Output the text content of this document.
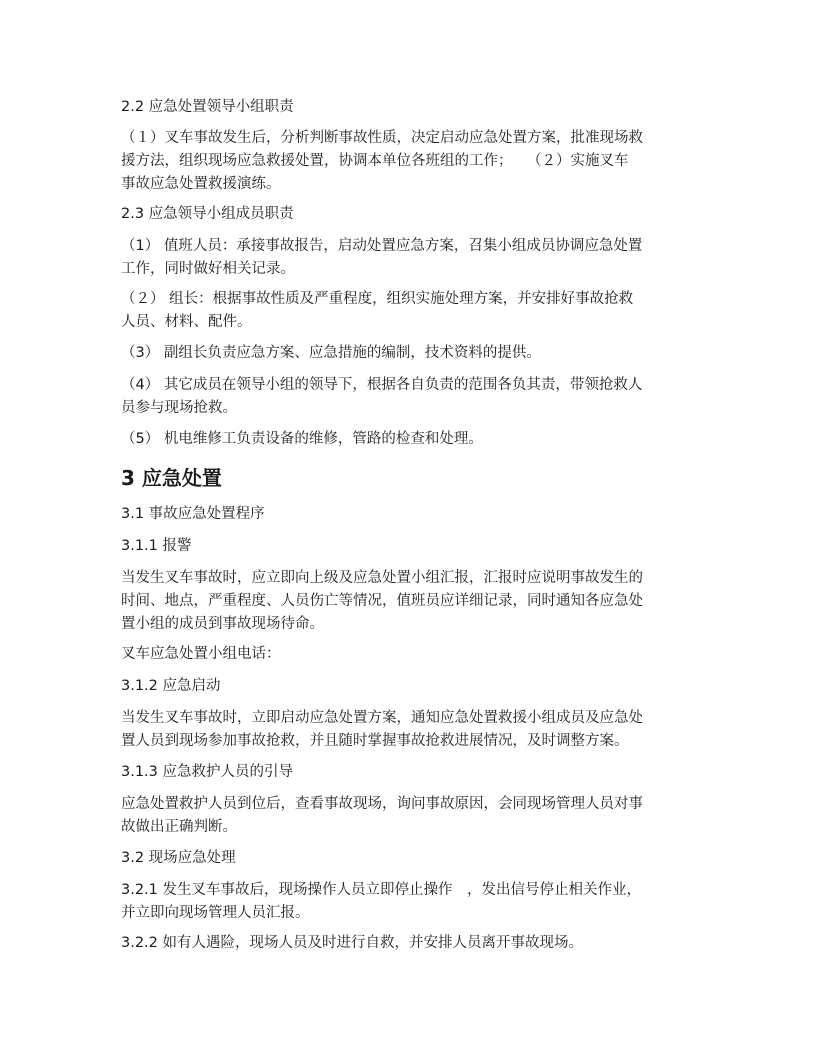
2.2 应急处置领导小组职责

（１）叉车事故发生后，分析判断事故性质，决定启动应急处置方案，批准现场救
援方法，组织现场应急救援处置，协调本单位各班组的工作；　　（２）实施叉车
事故应急处置救援演练。

2.3 应急领导小组成员职责

（1） 值班人员：承接事故报告，启动处置应急方案，召集小组成员协调应急处置
工作，同时做好相关记录。
（２） 组长：根据事故性质及严重程度，组织实施处理方案，并安排好事故抢救
人员、材料、配件。
（3） 副组长负责应急方案、应急措施的编制，技术资料的提供。
（4） 其它成员在领导小组的领导下，根据各自负责的范围各负其责，带领抢救人
员参与现场抢救。
（5） 机电维修工负责设备的维修，管路的检查和处理。

3 应急处置

3.1 事故应急处置程序

3.1.1 报警

当发生叉车事故时，应立即向上级及应急处置小组汇报，汇报时应说明事故发生的
时间、地点，严重程度、人员伤亡等情况，值班员应详细记录，同时通知各应急处
置小组的成员到事故现场待命。

叉车应急处置小组电话：

3.1.2 应急启动

当发生叉车事故时，立即启动应急处置方案，通知应急处置救援小组成员及应急处
置人员到现场参加事故抢救，并且随时掌握事故抢救进展情况，及时调整方案。

3.1.3 应急救护人员的引导

应急处置救护人员到位后，查看事故现场，询问事故原因，会同现场管理人员对事
故做出正确判断。

3.2 现场应急处理

3.2.1 发生叉车事故后，现场操作人员立即停止操作　，发出信号停止相关作业，
并立即向现场管理人员汇报。
3.2.2 如有人遇险，现场人员及时进行自救，并安排人员离开事故现场。
